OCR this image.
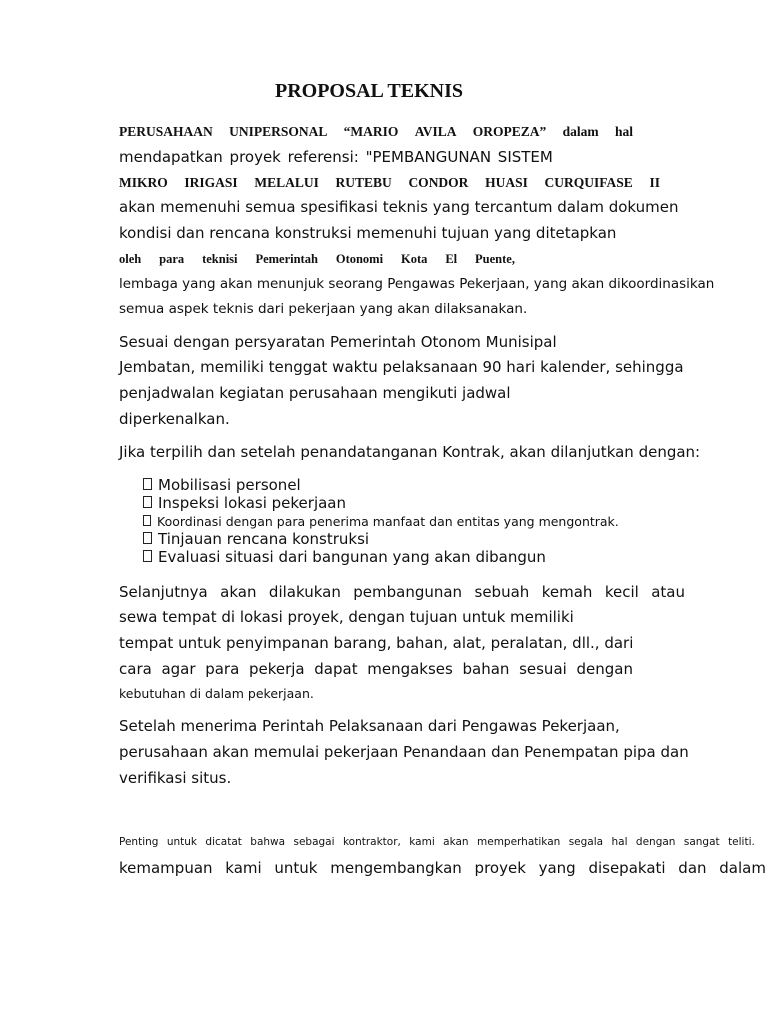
PROPOSAL TEKNIS
PERUSAHAAN UNIPERSONAL “MARIO AVILA OROPEZA” dalam hal
mendapatkan proyek referensi: "PEMBANGUNAN SISTEM
MIKRO IRIGASI MELALUI RUTEBU CONDOR HUASI CURQUIFASE II
akan memenuhi semua spesifikasi teknis yang tercantum dalam dokumen
kondisi dan rencana konstruksi memenuhi tujuan yang ditetapkan
oleh para teknisi Pemerintah Otonomi Kota El Puente,
lembaga yang akan menunjuk seorang Pengawas Pekerjaan, yang akan dikoordinasikan
semua aspek teknis dari pekerjaan yang akan dilaksanakan.
Sesuai dengan persyaratan Pemerintah Otonom Munisipal
Jembatan, memiliki tenggat waktu pelaksanaan 90 hari kalender, sehingga
penjadwalan kegiatan perusahaan mengikuti jadwal
diperkenalkan.
Jika terpilih dan setelah penandatanganan Kontrak, akan dilanjutkan dengan:
Mobilisasi personel
Inspeksi lokasi pekerjaan
Koordinasi dengan para penerima manfaat dan entitas yang mengontrak.
Tinjauan rencana konstruksi
Evaluasi situasi dari bangunan yang akan dibangun
Selanjutnya akan dilakukan pembangunan sebuah kemah kecil atau
sewa tempat di lokasi proyek, dengan tujuan untuk memiliki
tempat untuk penyimpanan barang, bahan, alat, peralatan, dll., dari
cara agar para pekerja dapat mengakses bahan sesuai dengan
kebutuhan di dalam pekerjaan.
Setelah menerima Perintah Pelaksanaan dari Pengawas Pekerjaan,
perusahaan akan memulai pekerjaan Penandaan dan Penempatan pipa dan
verifikasi situs.
Penting untuk dicatat bahwa sebagai kontraktor, kami akan memperhatikan segala hal dengan sangat teliti.
kemampuan kami untuk mengembangkan proyek yang disepakati dan dalam
